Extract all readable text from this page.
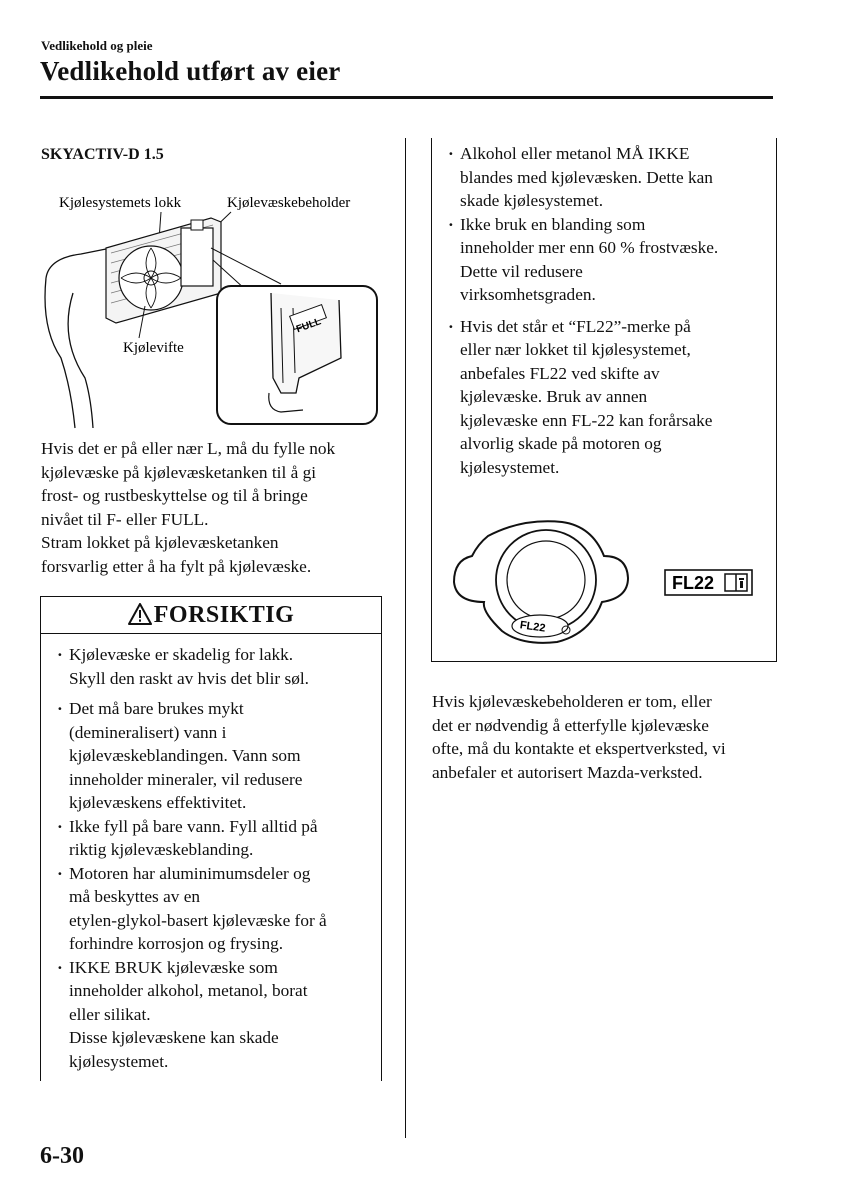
Vedlikehold og pleie
Vedlikehold utført av eier
SKYACTIV-D 1.5
Kjølesystemets lokk	Kjølevæskebeholder
FULL
Kjølevifte

Hvis det er på eller nær L, må du fylle nok

kjølevæske på kjølevæsketanken til å gi

frost- og rustbeskyttelse og til å bringe

nivået til F- eller FULL.

Stram lokket på kjølevæsketanken

forsvarlig etter å ha fylt på kjølevæske.

FORSIKTIG
· Kjølevæske er skadelig for lakk.
Skyll den raskt av hvis det blir søl.
· Det må bare brukes mykt
(demineralisert) vann i
kjølevæskeblandingen. Vann som
inneholder mineraler, vil redusere
kjølevæskens effektivitet.
· Ikke fyll på bare vann. Fyll alltid på
riktig kjølevæskeblanding.
· Motoren har aluminimumsdeler og
må beskyttes av en
etylen-glykol-basert kjølevæske for å
forhindre korrosjon og frysing.
· IKKE BRUK kjølevæske som
inneholder alkohol, metanol, borat
eller silikat.
Disse kjølevæskene kan skade
kjølesystemet.
· Alkohol eller metanol MÅ IKKE
blandes med kjølevæsken. Dette kan
skade kjølesystemet.
· Ikke bruk en blanding som
inneholder mer enn 60 % frostvæske.
Dette vil redusere
virksomhetsgraden.
· Hvis det står et “FL22”-merke på
eller nær lokket til kjølesystemet,
anbefales FL22 ved skifte av
kjølevæske. Bruk av annen
kjølevæske enn FL-22 kan forårsake
alvorlig skade på motoren og
kjølesystemet.
FL22
FL22

Hvis kjølevæskebeholderen er tom, eller

det er nødvendig å etterfylle kjølevæske

ofte, må du kontakte et ekspertverksted, vi

anbefaler et autorisert Mazda-verksted.

6-30
